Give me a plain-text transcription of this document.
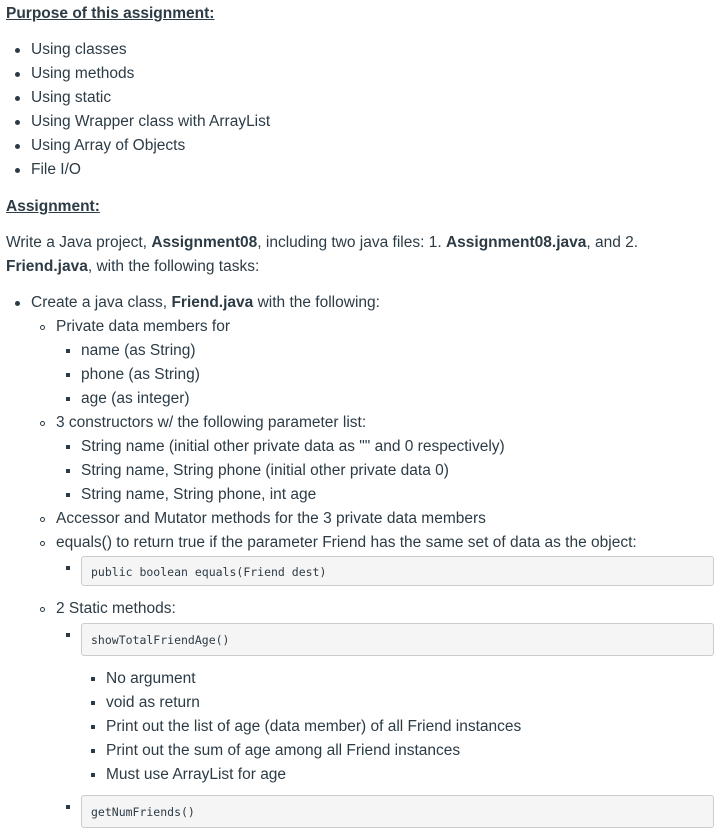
Purpose of this assignment:
Using classes
Using methods
Using static
Using Wrapper class with ArrayList
Using Array of Objects
File I/O
Assignment:

Write a Java project, Assignment08, including two java files: 1. Assignment08.java, and 2.
Friend.java, with the following tasks:

Create a java class, Friend.java with the following:
Private data members for
name (as String)
phone (as String)
age (as integer)
3 constructors w/ the following parameter list:
String name (initial other private data as "" and 0 respectively)
String name, String phone (initial other private data 0)
String name, String phone, int age
Accessor and Mutator methods for the 3 private data members
equals() to return true if the parameter Friend has the same set of data as the object:
public boolean equals(Friend dest)
2 Static methods:
showTotalFriendAge()
No argument
void as return
Print out the list of age (data member) of all Friend instances
Print out the sum of age among all Friend instances
Must use ArrayList for age
getNumFriends()
